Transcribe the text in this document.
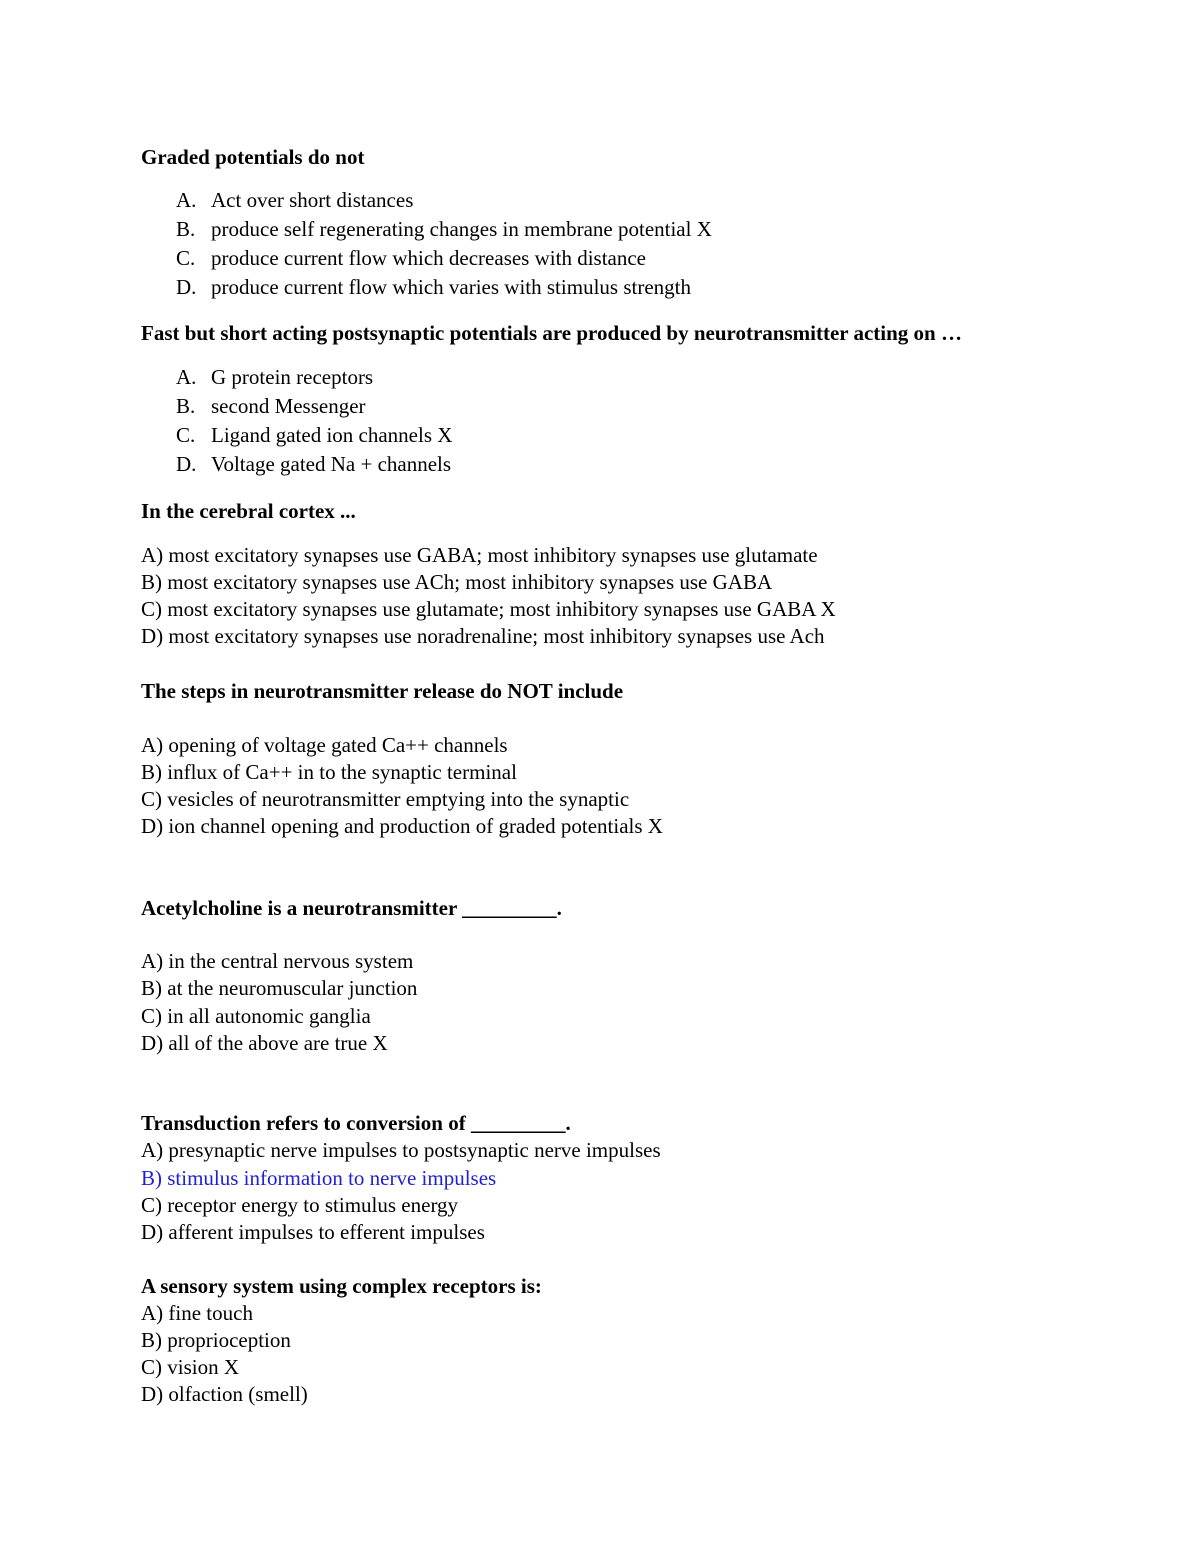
Graded potentials do not
A. Act over short distances
B. produce self regenerating changes in membrane potential X
C. produce current flow which decreases with distance
D. produce current flow which varies with stimulus strength
Fast but short acting postsynaptic potentials are produced by neurotransmitter acting on …
A. G protein receptors
B. second Messenger
C. Ligand gated ion channels X
D. Voltage gated Na + channels
In the cerebral cortex ...
A) most excitatory synapses use GABA; most inhibitory synapses use glutamate
B) most excitatory synapses use ACh; most inhibitory synapses use GABA
C) most excitatory synapses use glutamate; most inhibitory synapses use GABA X
D) most excitatory synapses use noradrenaline; most inhibitory synapses use Ach
The steps in neurotransmitter release do NOT include
A) opening of voltage gated Ca++ channels
B) influx of Ca++ in to the synaptic terminal
C) vesicles of neurotransmitter emptying into the synaptic
D) ion channel opening and production of graded potentials X
Acetylcholine is a neurotransmitter _________.
A) in the central nervous system
B) at the neuromuscular junction
C) in all autonomic ganglia
D) all of the above are true X
Transduction refers to conversion of _________.
A) presynaptic nerve impulses to postsynaptic nerve impulses
B) stimulus information to nerve impulses
C) receptor energy to stimulus energy
D) afferent impulses to efferent impulses
A sensory system using complex receptors is:
A) fine touch
B) proprioception
C) vision X
D) olfaction (smell)
